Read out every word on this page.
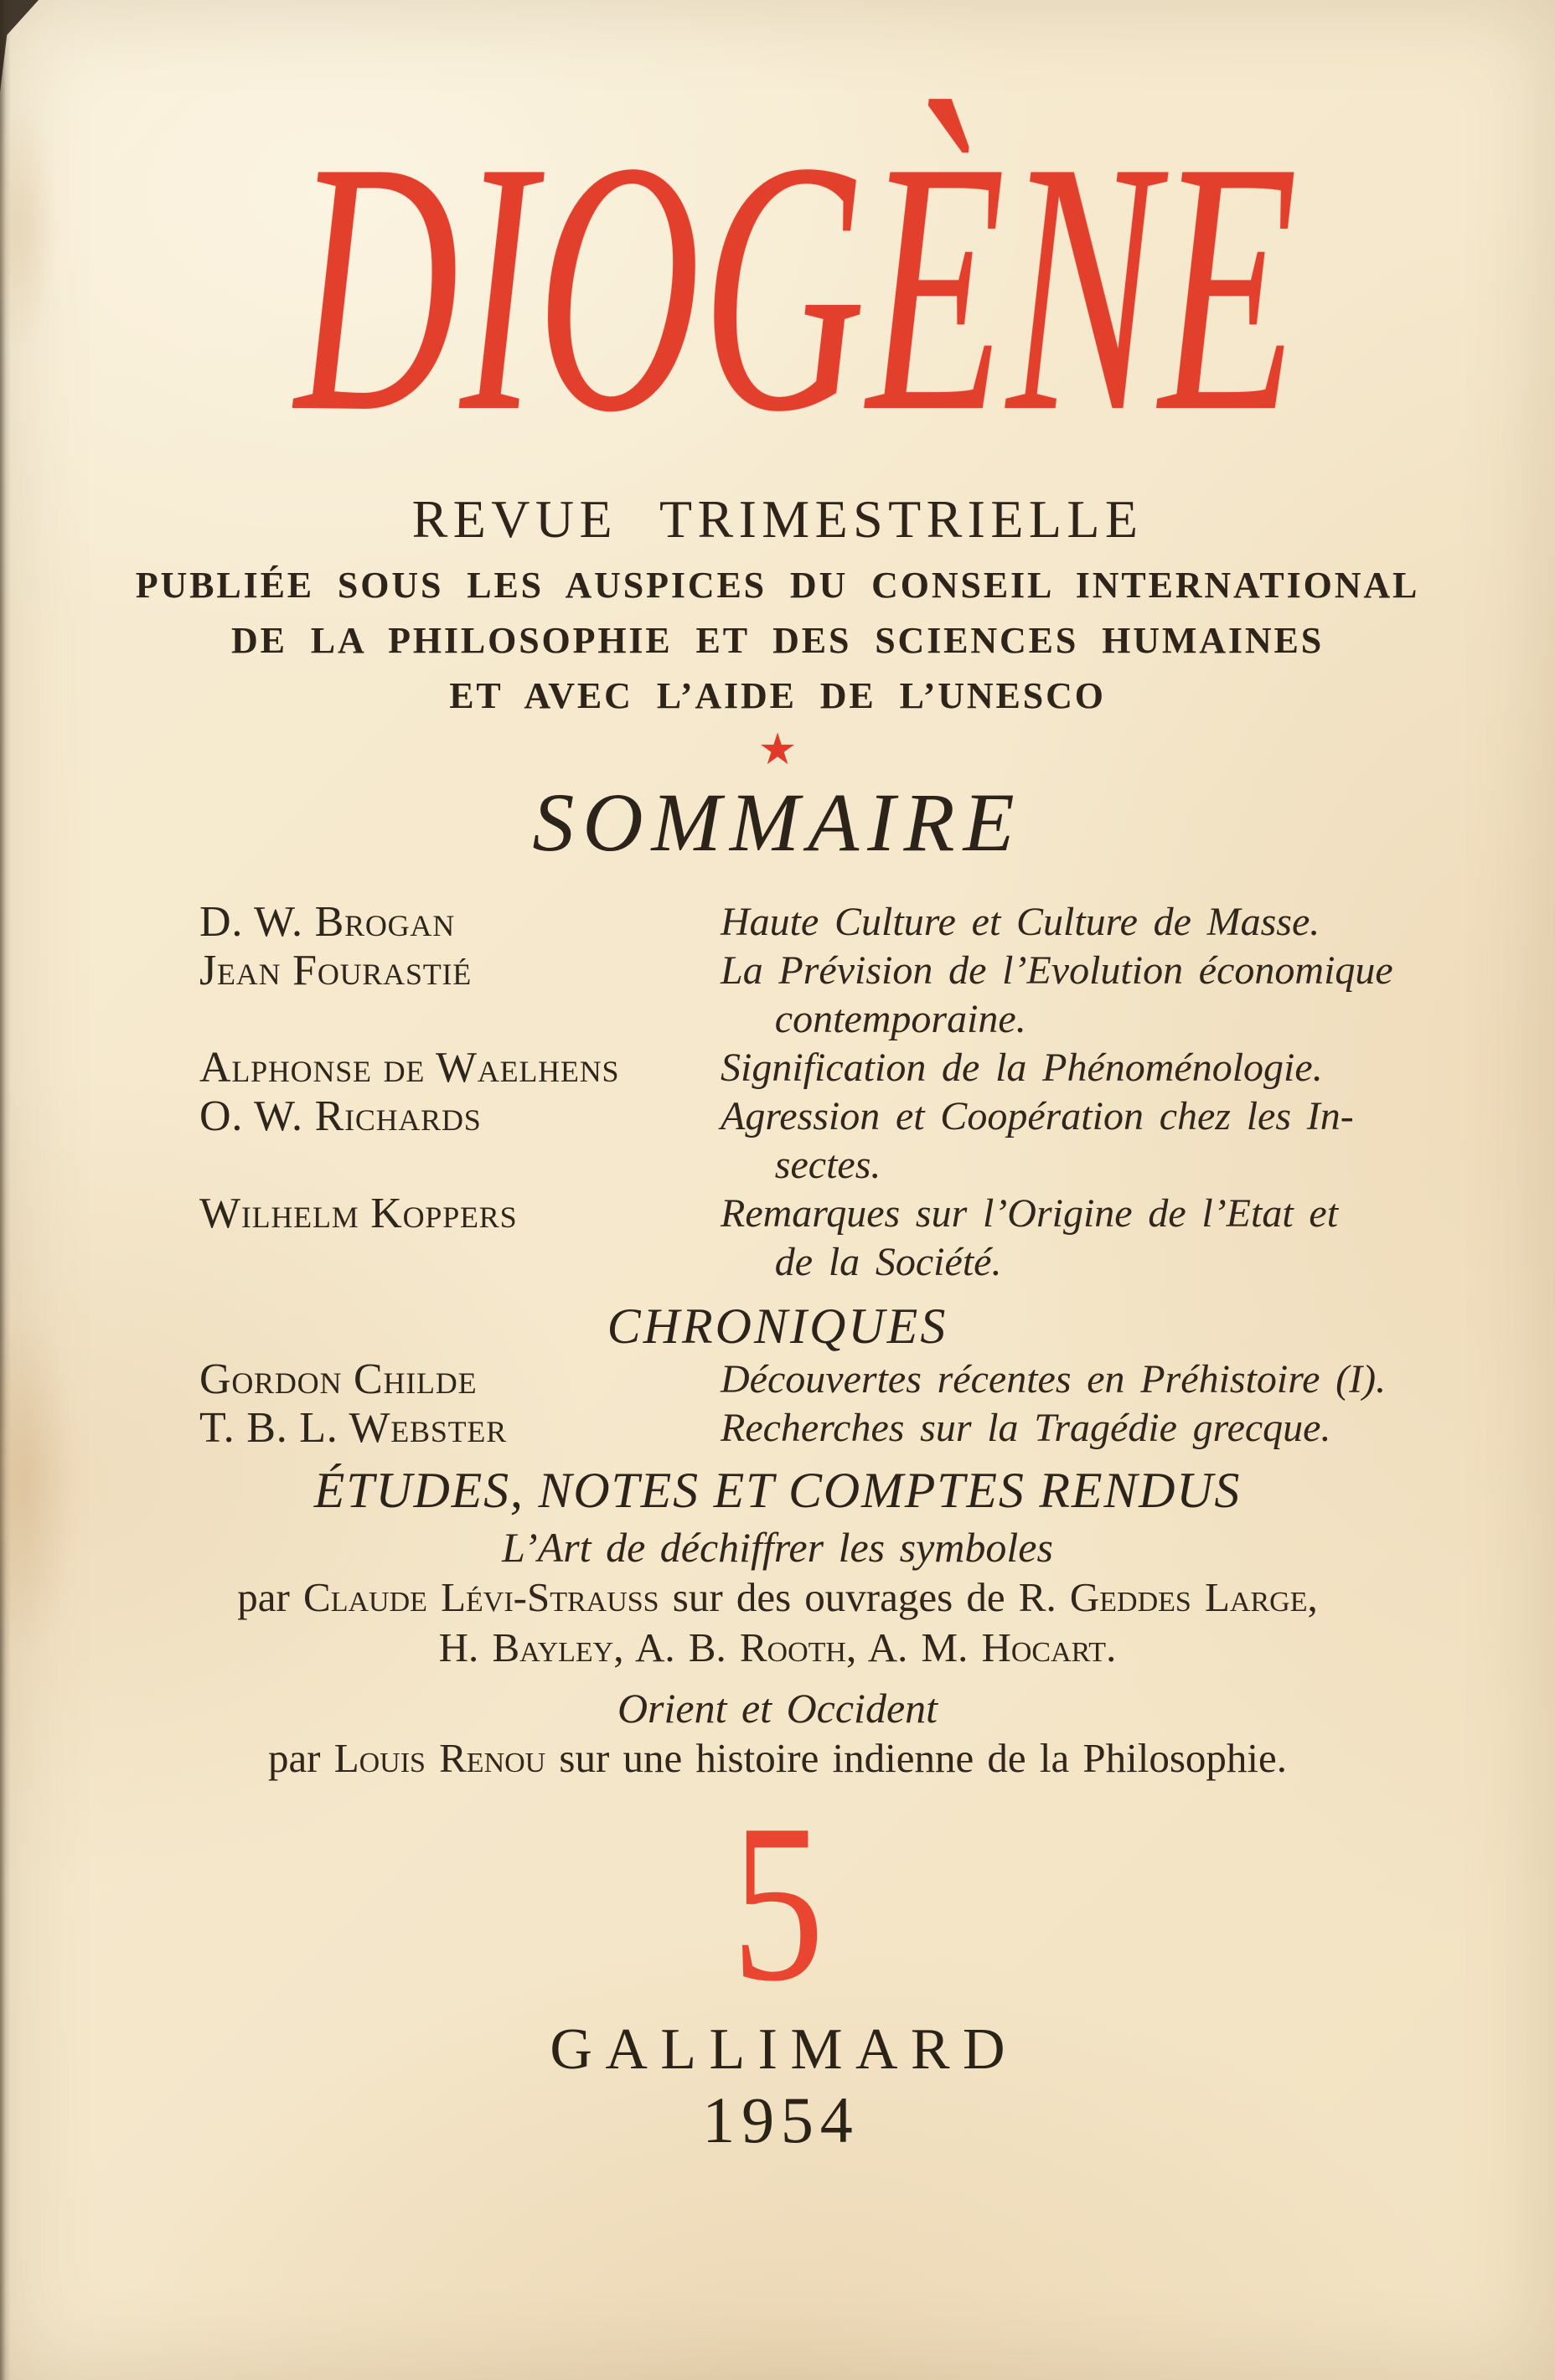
DIOGÈNE
REVUE TRIMESTRIELLE
PUBLIÉE SOUS LES AUSPICES DU CONSEIL INTERNATIONAL
DE LA PHILOSOPHIE ET DES SCIENCES HUMAINES
ET AVEC L’AIDE DE L’UNESCO
★
SOMMAIRE
D. W. Brogan	Haute Culture et Culture de Masse.
Jean Fourastié	La Prévision de l’Evolution économique
contemporaine.
Alphonse de Waelhens	Signification de la Phénoménologie.
O. W. Richards	Agression et Coopération chez les In-
sectes.
Wilhelm Koppers	Remarques sur l’Origine de l’Etat et
de la Société.
CHRONIQUES
Gordon Childe	Découvertes récentes en Préhistoire (I).
T. B. L. Webster	Recherches sur la Tragédie grecque.
ÉTUDES, NOTES ET COMPTES RENDUS
L’Art de déchiffrer les symboles
par Claude Lévi-Strauss sur des ouvrages de R. Geddes Large,
H. Bayley, A. B. Rooth, A. M. Hocart.
Orient et Occident
par Louis Renou sur une histoire indienne de la Philosophie.
5
GALLIMARD
1954
